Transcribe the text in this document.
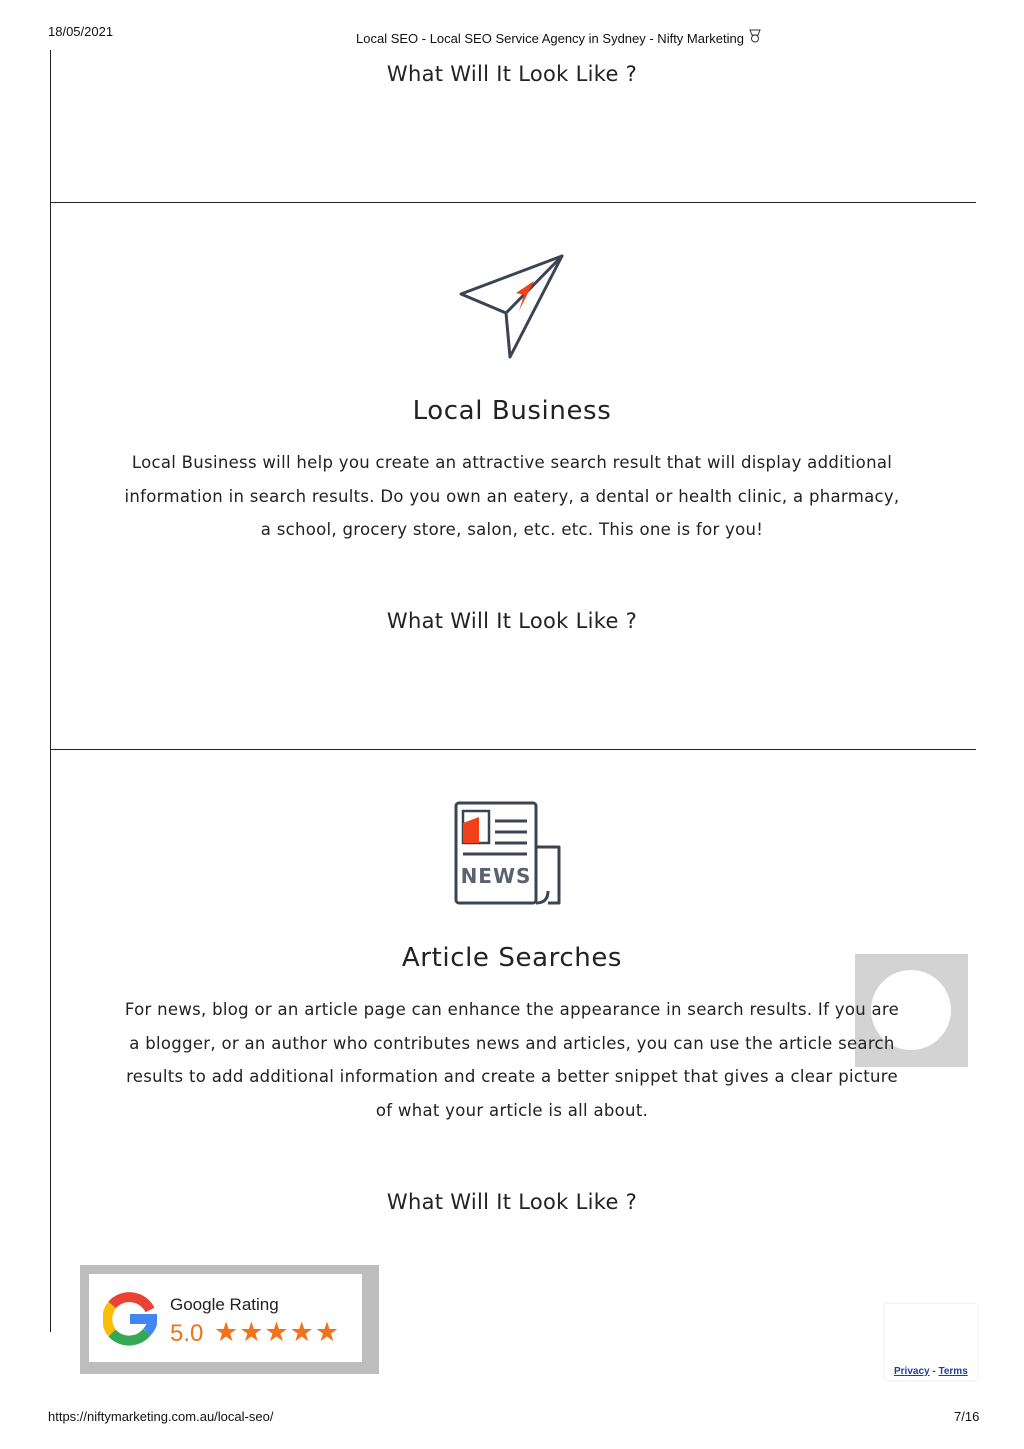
18/05/2021	Local SEO - Local SEO Service Agency in Sydney - Nifty Marketing
What Will It Look Like ?
Local Business
Local Business will help you create an attractive search result that will display additional
information in search results. Do you own an eatery, a dental or health clinic, a pharmacy,
a school, grocery store, salon, etc. etc. This one is for you!
What Will It Look Like ?
NEWS
Article Searches
For news, blog or an article page can enhance the appearance in search results. If you are
a blogger, or an author who contributes news and articles, you can use the article search
results to add additional information and create a better snippet that gives a clear picture
of what your article is all about.
What Will It Look Like ?
Google Rating
5.0 ★★★★★
Privacy - Terms
https://niftymarketing.com.au/local-seo/	7/16
